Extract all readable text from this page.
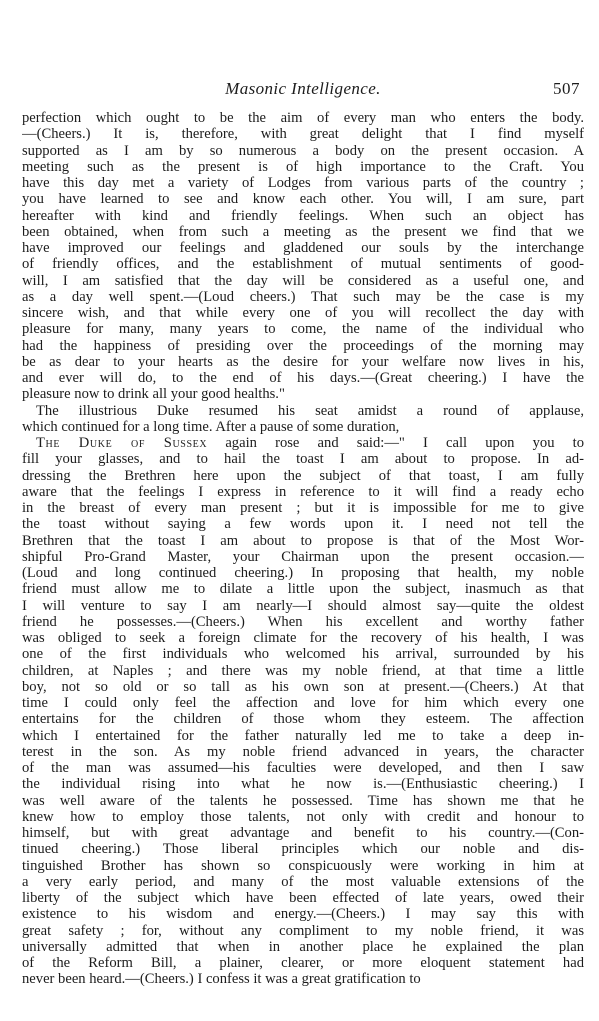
Masonic Intelligence.	507
perfection which ought to be the aim of every man who enters the body.
—(Cheers.) It is, therefore, with great delight that I find myself
supported as I am by so numerous a body on the present occasion. A
meeting such as the present is of high importance to the Craft. You
have this day met a variety of Lodges from various parts of the country ;
you have learned to see and know each other. You will, I am sure, part
hereafter with kind and friendly feelings. When such an object has
been obtained, when from such a meeting as the present we find that we
have improved our feelings and gladdened our souls by the interchange
of friendly offices, and the establishment of mutual sentiments of good-
will, I am satisfied that the day will be considered as a useful one, and
as a day well spent.—(Loud cheers.) That such may be the case is my
sincere wish, and that while every one of you will recollect the day with
pleasure for many, many years to come, the name of the individual who
had the happiness of presiding over the proceedings of the morning may
be as dear to your hearts as the desire for your welfare now lives in his,
and ever will do, to the end of his days.—(Great cheering.) I have the
pleasure now to drink all your good healths."
The illustrious Duke resumed his seat amidst a round of applause,
which continued for a long time. After a pause of some duration,
The Duke of Sussex again rose and said:—" I call upon you to
fill your glasses, and to hail the toast I am about to propose. In ad-
dressing the Brethren here upon the subject of that toast, I am fully
aware that the feelings I express in reference to it will find a ready echo
in the breast of every man present ; but it is impossible for me to give
the toast without saying a few words upon it. I need not tell the
Brethren that the toast I am about to propose is that of the Most Wor-
shipful Pro-Grand Master, your Chairman upon the present occasion.—
(Loud and long continued cheering.) In proposing that health, my noble
friend must allow me to dilate a little upon the subject, inasmuch as that
I will venture to say I am nearly—I should almost say—quite the oldest
friend he possesses.—(Cheers.) When his excellent and worthy father
was obliged to seek a foreign climate for the recovery of his health, I was
one of the first individuals who welcomed his arrival, surrounded by his
children, at Naples ; and there was my noble friend, at that time a little
boy, not so old or so tall as his own son at present.—(Cheers.) At that
time I could only feel the affection and love for him which every one
entertains for the children of those whom they esteem. The affection
which I entertained for the father naturally led me to take a deep in-
terest in the son. As my noble friend advanced in years, the character
of the man was assumed—his faculties were developed, and then I saw
the individual rising into what he now is.—(Enthusiastic cheering.) I
was well aware of the talents he possessed. Time has shown me that he
knew how to employ those talents, not only with credit and honour to
himself, but with great advantage and benefit to his country.—(Con-
tinued cheering.) Those liberal principles which our noble and dis-
tinguished Brother has shown so conspicuously were working in him at
a very early period, and many of the most valuable extensions of the
liberty of the subject which have been effected of late years, owed their
existence to his wisdom and energy.—(Cheers.) I may say this with
great safety ; for, without any compliment to my noble friend, it was
universally admitted that when in another place he explained the plan
of the Reform Bill, a plainer, clearer, or more eloquent statement had
never been heard.—(Cheers.) I confess it was a great gratification to
